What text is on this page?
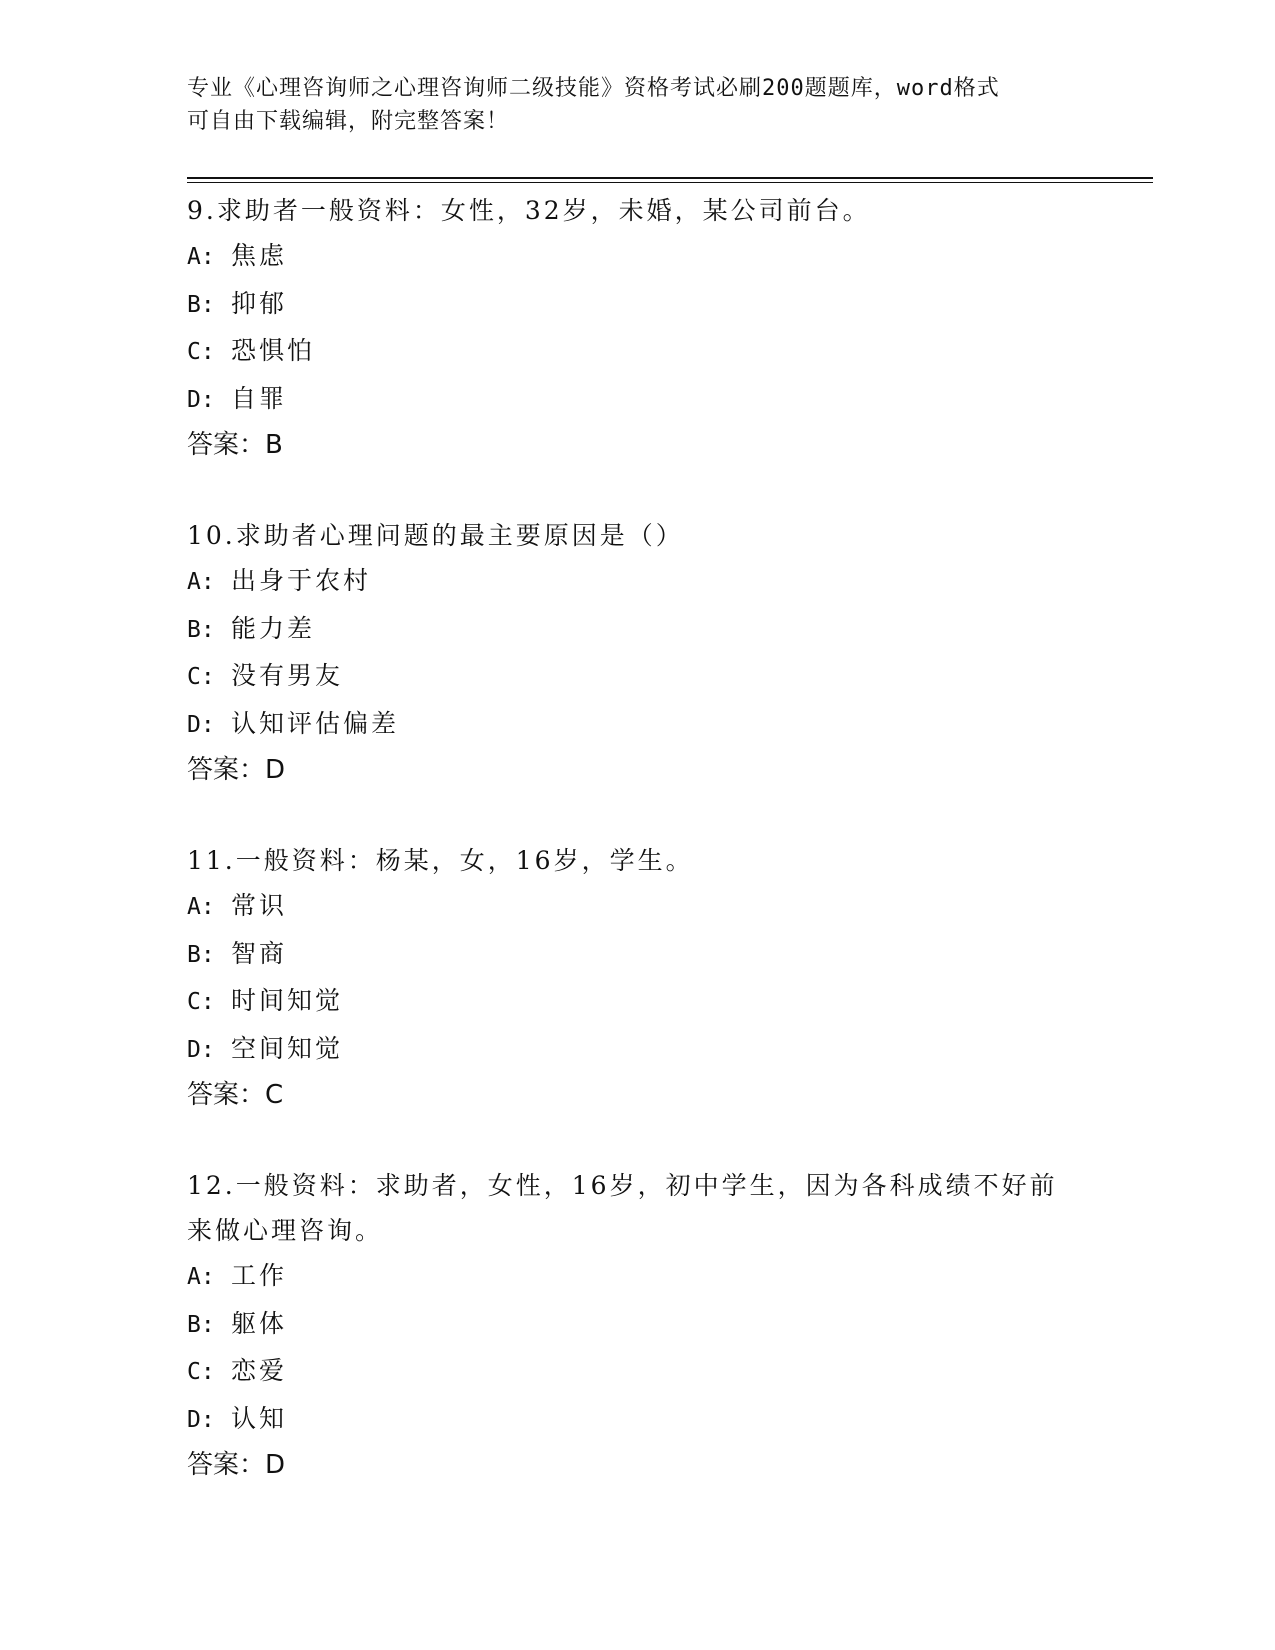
专业《心理咨询师之心理咨询师二级技能》资格考试必刷200题题库，word格式
可自由下载编辑，附完整答案！

9.求助者一般资料：女性，32岁，未婚，某公司前台。

A: 焦虑

B: 抑郁

C: 恐惧怕

D: 自罪

答案：B

10.求助者心理问题的最主要原因是（）

A: 出身于农村

B: 能力差

C: 没有男友

D: 认知评估偏差

答案：D

11.一般资料：杨某，女，16岁，学生。

A: 常识

B: 智商

C: 时间知觉

D: 空间知觉

答案：C

12.一般资料：求助者，女性，16岁，初中学生，因为各科成绩不好前

来做心理咨询。

A: 工作

B: 躯体

C: 恋爱

D: 认知

答案：D
